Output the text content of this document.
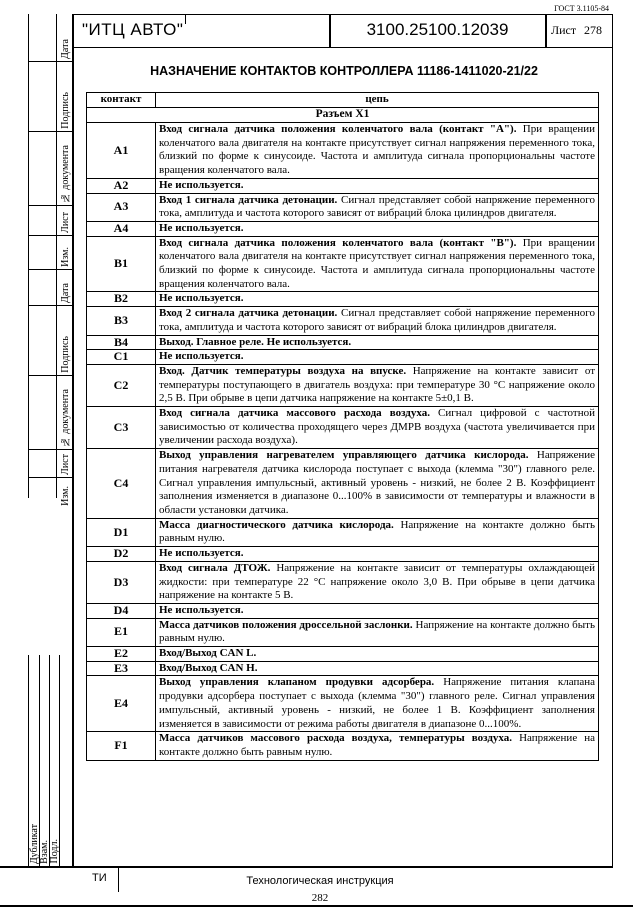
ГОСТ 3.1105-84
Дата
Подпись
№ документа
Лист
Изм.
Дата
Подпись
№ документа
Лист
Изм.
Дубликат Взам. Подл.
"ИТЦ АВТО"	3100.25100.12039	Лист 278
НАЗНАЧЕНИЕ КОНТАКТОВ КОНТРОЛЛЕРА 11186-1411020-21/22
контакт	цепь
Разъем X1	
A1	Вход сигнала датчика положения коленчатого вала (контакт "A"). При вращении коленчатого вала двигателя на контакте присутствует сигнал напряжения переменного тока, близкий по форме к синусоиде. Частота и амплитуда сигнала пропорциональны частоте вращения коленчатого вала.
A2	Не используется.
A3	Вход 1 сигнала датчика детонации. Сигнал представляет собой напряжение переменного тока, амплитуда и частота которого зависят от вибраций блока цилиндров двигателя.
A4	Не используется.
B1	Вход сигнала датчика положения коленчатого вала (контакт "B"). При вращении коленчатого вала двигателя на контакте присутствует сигнал напряжения переменного тока, близкий по форме к синусоиде. Частота и амплитуда сигнала пропорциональны частоте вращения коленчатого вала.
B2	Не используется.
B3	Вход 2 сигнала датчика детонации. Сигнал представляет собой напряжение переменного тока, амплитуда и частота которого зависят от вибраций блока цилиндров двигателя.
B4	Выход. Главное реле. Не используется.
C1	Не используется.
C2	Вход. Датчик температуры воздуха на впуске. Напряжение на контакте зависит от температуры поступающего в двигатель воздуха: при температуре 30 °C напряжение около 2,5 В. При обрыве в цепи датчика напряжение на контакте 5±0,1 В.
C3	Вход сигнала датчика массового расхода воздуха. Сигнал цифровой с частотной зависимостью от количества проходящего через ДМРВ воздуха (частота увеличивается при увеличении расхода воздуха).
C4	Выход управления нагревателем управляющего датчика кислорода. Напряжение питания нагревателя датчика кислорода поступает с выхода (клемма "30") главного реле. Сигнал управления импульсный, активный уровень - низкий, не более 2 В. Коэффициент заполнения изменяется в диапазоне 0...100% в зависимости от температуры и влажности в области установки датчика.
D1	Масса диагностического датчика кислорода. Напряжение на контакте должно быть равным нулю.
D2	Не используется.
D3	Вход сигнала ДТОЖ. Напряжение на контакте зависит от температуры охлаждающей жидкости: при температуре 22 °C напряжение около 3,0 В. При обрыве в цепи датчика напряжение на контакте 5 В.
D4	Не используется.
E1	Масса датчиков положения дроссельной заслонки. Напряжение на контакте должно быть равным нулю.
E2	Вход/Выход CAN L.
E3	Вход/Выход CAN H.
E4	Выход управления клапаном продувки адсорбера. Напряжение питания клапана продувки адсорбера поступает с выхода (клемма "30") главного реле. Сигнал управления импульсный, активный уровень - низкий, не более 1 В. Коэффициент заполнения изменяется в зависимости от режима работы двигателя в диапазоне 0...100%.
F1	Масса датчиков массового расхода воздуха, температуры воздуха. Напряжение на контакте должно быть равным нулю.
ТИ	Технологическая инструкция
282
